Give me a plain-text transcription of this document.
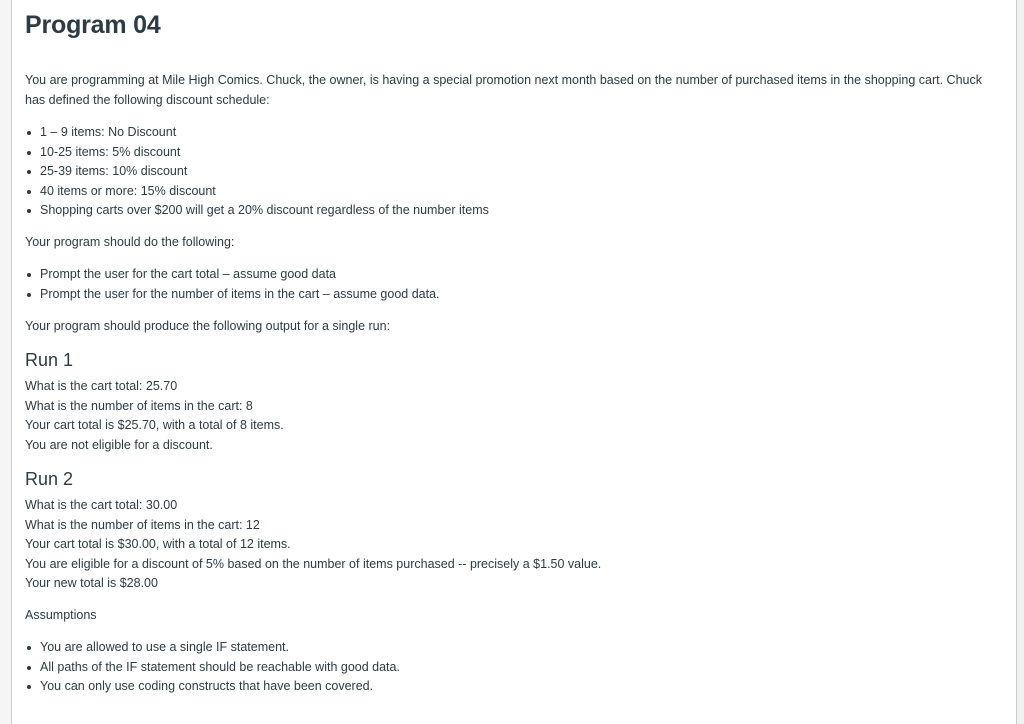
Program 04

You are programming at Mile High Comics. Chuck, the owner, is having a special promotion next month based on the number of purchased items in the shopping cart. Chuck has defined the following discount schedule:

1 – 9 items: No Discount
10-25 items: 5% discount
25-39 items: 10% discount
40 items or more: 15% discount
Shopping carts over $200 will get a 20% discount regardless of the number items

Your program should do the following:

Prompt the user for the cart total – assume good data
Prompt the user for the number of items in the cart – assume good data.

Your program should produce the following output for a single run:

Run 1

What is the cart total: 25.70

What is the number of items in the cart: 8

Your cart total is $25.70, with a total of 8 items.

You are not eligible for a discount.

Run 2

What is the cart total: 30.00

What is the number of items in the cart: 12

Your cart total is $30.00, with a total of 12 items.

You are eligible for a discount of 5% based on the number of items purchased -- precisely a $1.50 value.

Your new total is $28.00

Assumptions

You are allowed to use a single IF statement.
All paths of the IF statement should be reachable with good data.
You can only use coding constructs that have been covered.
